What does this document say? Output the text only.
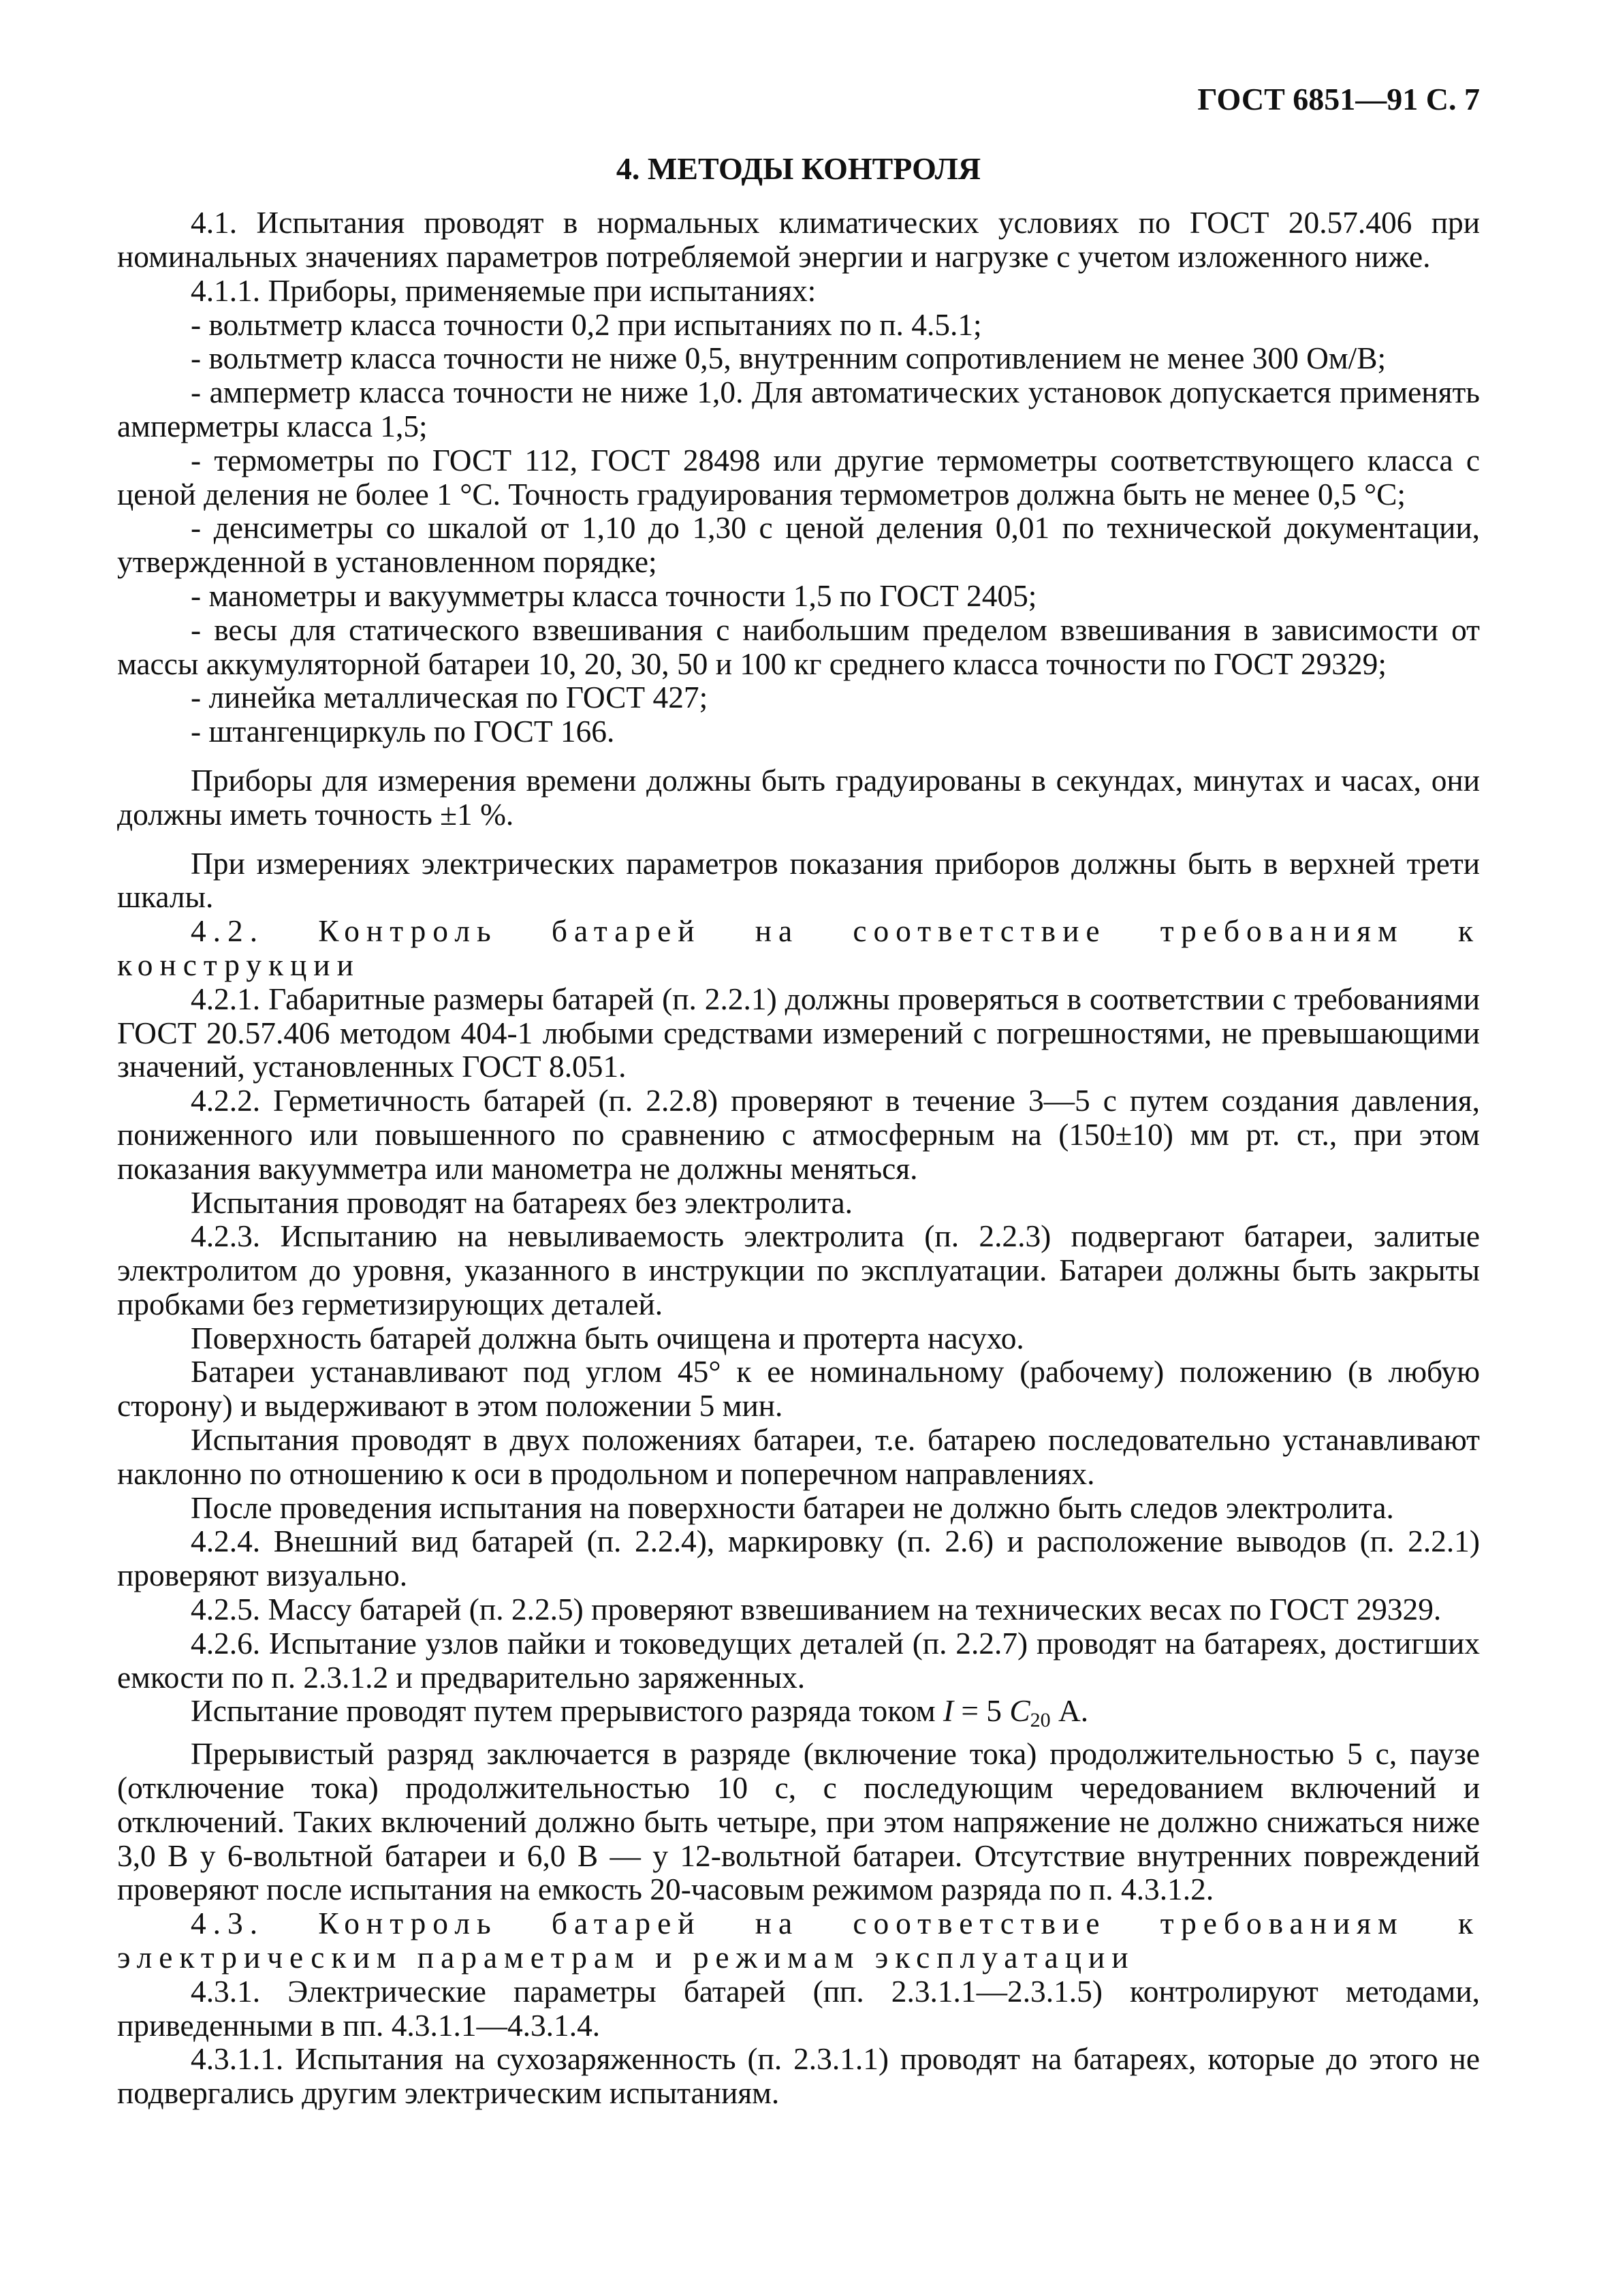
ГОСТ 6851—91 С. 7
4. МЕТОДЫ КОНТРОЛЯ

4.1. Испытания проводят в нормальных климатических условиях по ГОСТ 20.57.406 при номинальных значениях параметров потребляемой энергии и нагрузке с учетом изложенного ниже.

4.1.1. Приборы, применяемые при испытаниях:

- вольтметр класса точности 0,2 при испытаниях по п. 4.5.1;

- вольтметр класса точности не ниже 0,5, внутренним сопротивлением не менее 300 Ом/В;

- амперметр класса точности не ниже 1,0. Для автоматических установок допускается применять амперметры класса 1,5;

- термометры по ГОСТ 112, ГОСТ 28498 или другие термометры соответствующего класса с ценой деления не более 1 °С. Точность градуирования термометров должна быть не менее 0,5 °С;

- денсиметры со шкалой от 1,10 до 1,30 с ценой деления 0,01 по технической документации, утвержденной в установленном порядке;

- манометры и вакуумметры класса точности 1,5 по ГОСТ 2405;

- весы для статического взвешивания с наибольшим пределом взвешивания в зависимости от массы аккумуляторной батареи 10, 20, 30, 50 и 100 кг среднего класса точности по ГОСТ 29329;

- линейка металлическая по ГОСТ 427;

- штангенциркуль по ГОСТ 166.

Приборы для измерения времени должны быть градуированы в секундах, минутах и часах, они должны иметь точность ±1 %.

При измерениях электрических параметров показания приборов должны быть в верхней трети шкалы.

4.2. Контроль батарей на соответствие требованиям к конструкции

4.2.1. Габаритные размеры батарей (п. 2.2.1) должны проверяться в соответствии с требованиями ГОСТ 20.57.406 методом 404-1 любыми средствами измерений с погрешностями, не превышающими значений, установленных ГОСТ 8.051.

4.2.2. Герметичность батарей (п. 2.2.8) проверяют в течение 3—5 с путем создания давления, пониженного или повышенного по сравнению с атмосферным на (150±10) мм рт. ст., при этом показания вакуумметра или манометра не должны меняться.

Испытания проводят на батареях без электролита.

4.2.3. Испытанию на невыливаемость электролита (п. 2.2.3) подвергают батареи, залитые электролитом до уровня, указанного в инструкции по эксплуатации. Батареи должны быть закрыты пробками без герметизирующих деталей.

Поверхность батарей должна быть очищена и протерта насухо.

Батареи устанавливают под углом 45° к ее номинальному (рабочему) положению (в любую сторону) и выдерживают в этом положении 5 мин.

Испытания проводят в двух положениях батареи, т.е. батарею последовательно устанавливают наклонно по отношению к оси в продольном и поперечном направлениях.

После проведения испытания на поверхности батареи не должно быть следов электролита.

4.2.4. Внешний вид батарей (п. 2.2.4), маркировку (п. 2.6) и расположение выводов (п. 2.2.1) проверяют визуально.

4.2.5. Массу батарей (п. 2.2.5) проверяют взвешиванием на технических весах по ГОСТ 29329.

4.2.6. Испытание узлов пайки и токоведущих деталей (п. 2.2.7) проводят на батареях, достигших емкости по п. 2.3.1.2 и предварительно заряженных.

Испытание проводят путем прерывистого разряда током I = 5 $C_{20}$ А.

Прерывистый разряд заключается в разряде (включение тока) продолжительностью 5 с, паузе (отключение тока) продолжительностью 10 с, с последующим чередованием включений и отключений. Таких включений должно быть четыре, при этом напряжение не должно снижаться ниже 3,0 В у 6-вольтной батареи и 6,0 В — у 12-вольтной батареи. Отсутствие внутренних повреждений проверяют после испытания на емкость 20-часовым режимом разряда по п. 4.3.1.2.

4.3. Контроль батарей на соответствие требованиям к электрическим параметрам и режимам эксплуатации

4.3.1. Электрические параметры батарей (пп. 2.3.1.1—2.3.1.5) контролируют методами, приведенными в пп. 4.3.1.1—4.3.1.4.

4.3.1.1. Испытания на сухозаряженность (п. 2.3.1.1) проводят на батареях, которые до этого не подвергались другим электрическим испытаниям.
